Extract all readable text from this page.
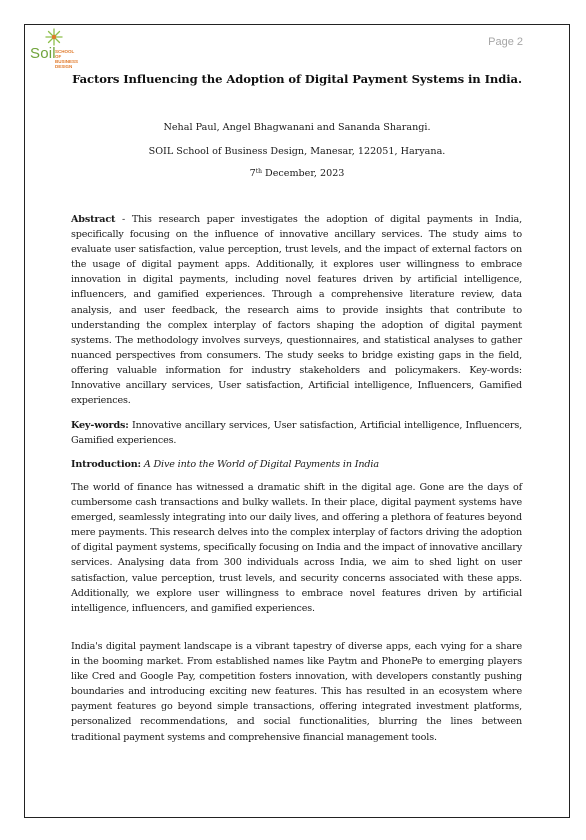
Soil SCHOOL OF BUSINESS DESIGN
Page 2
Factors Influencing the Adoption of Digital Payment Systems in India.
Nehal Paul, Angel Bhagwanani and Sananda Sharangi.
SOIL School of Business Design, Manesar, 122051, Haryana.
7th December, 2023
Abstract - This research paper investigates the adoption of digital payments in India, specifically focusing on the influence of innovative ancillary services. The study aims to evaluate user satisfaction, value perception, trust levels, and the impact of external factors on the usage of digital payment apps. Additionally, it explores user willingness to embrace innovation in digital payments, including novel features driven by artificial intelligence, influencers, and gamified experiences. Through a comprehensive literature review, data analysis, and user feedback, the research aims to provide insights that contribute to understanding the complex interplay of factors shaping the adoption of digital payment systems. The methodology involves surveys, questionnaires, and statistical analyses to gather nuanced perspectives from consumers. The study seeks to bridge existing gaps in the field, offering valuable information for industry stakeholders and policymakers. Key-words: Innovative ancillary services, User satisfaction, Artificial intelligence, Influencers, Gamified experiences.
Key-words: Innovative ancillary services, User satisfaction, Artificial intelligence, Influencers, Gamified experiences.
Introduction: A Dive into the World of Digital Payments in India
The world of finance has witnessed a dramatic shift in the digital age. Gone are the days of cumbersome cash transactions and bulky wallets. In their place, digital payment systems have emerged, seamlessly integrating into our daily lives, and offering a plethora of features beyond mere payments. This research delves into the complex interplay of factors driving the adoption of digital payment systems, specifically focusing on India and the impact of innovative ancillary services. Analysing data from 300 individuals across India, we aim to shed light on user satisfaction, value perception, trust levels, and security concerns associated with these apps. Additionally, we explore user willingness to embrace novel features driven by artificial intelligence, influencers, and gamified experiences.
India's digital payment landscape is a vibrant tapestry of diverse apps, each vying for a share in the booming market. From established names like Paytm and PhonePe to emerging players like Cred and Google Pay, competition fosters innovation, with developers constantly pushing boundaries and introducing exciting new features. This has resulted in an ecosystem where payment features go beyond simple transactions, offering integrated investment platforms, personalized recommendations, and social functionalities, blurring the lines between traditional payment systems and comprehensive financial management tools.
